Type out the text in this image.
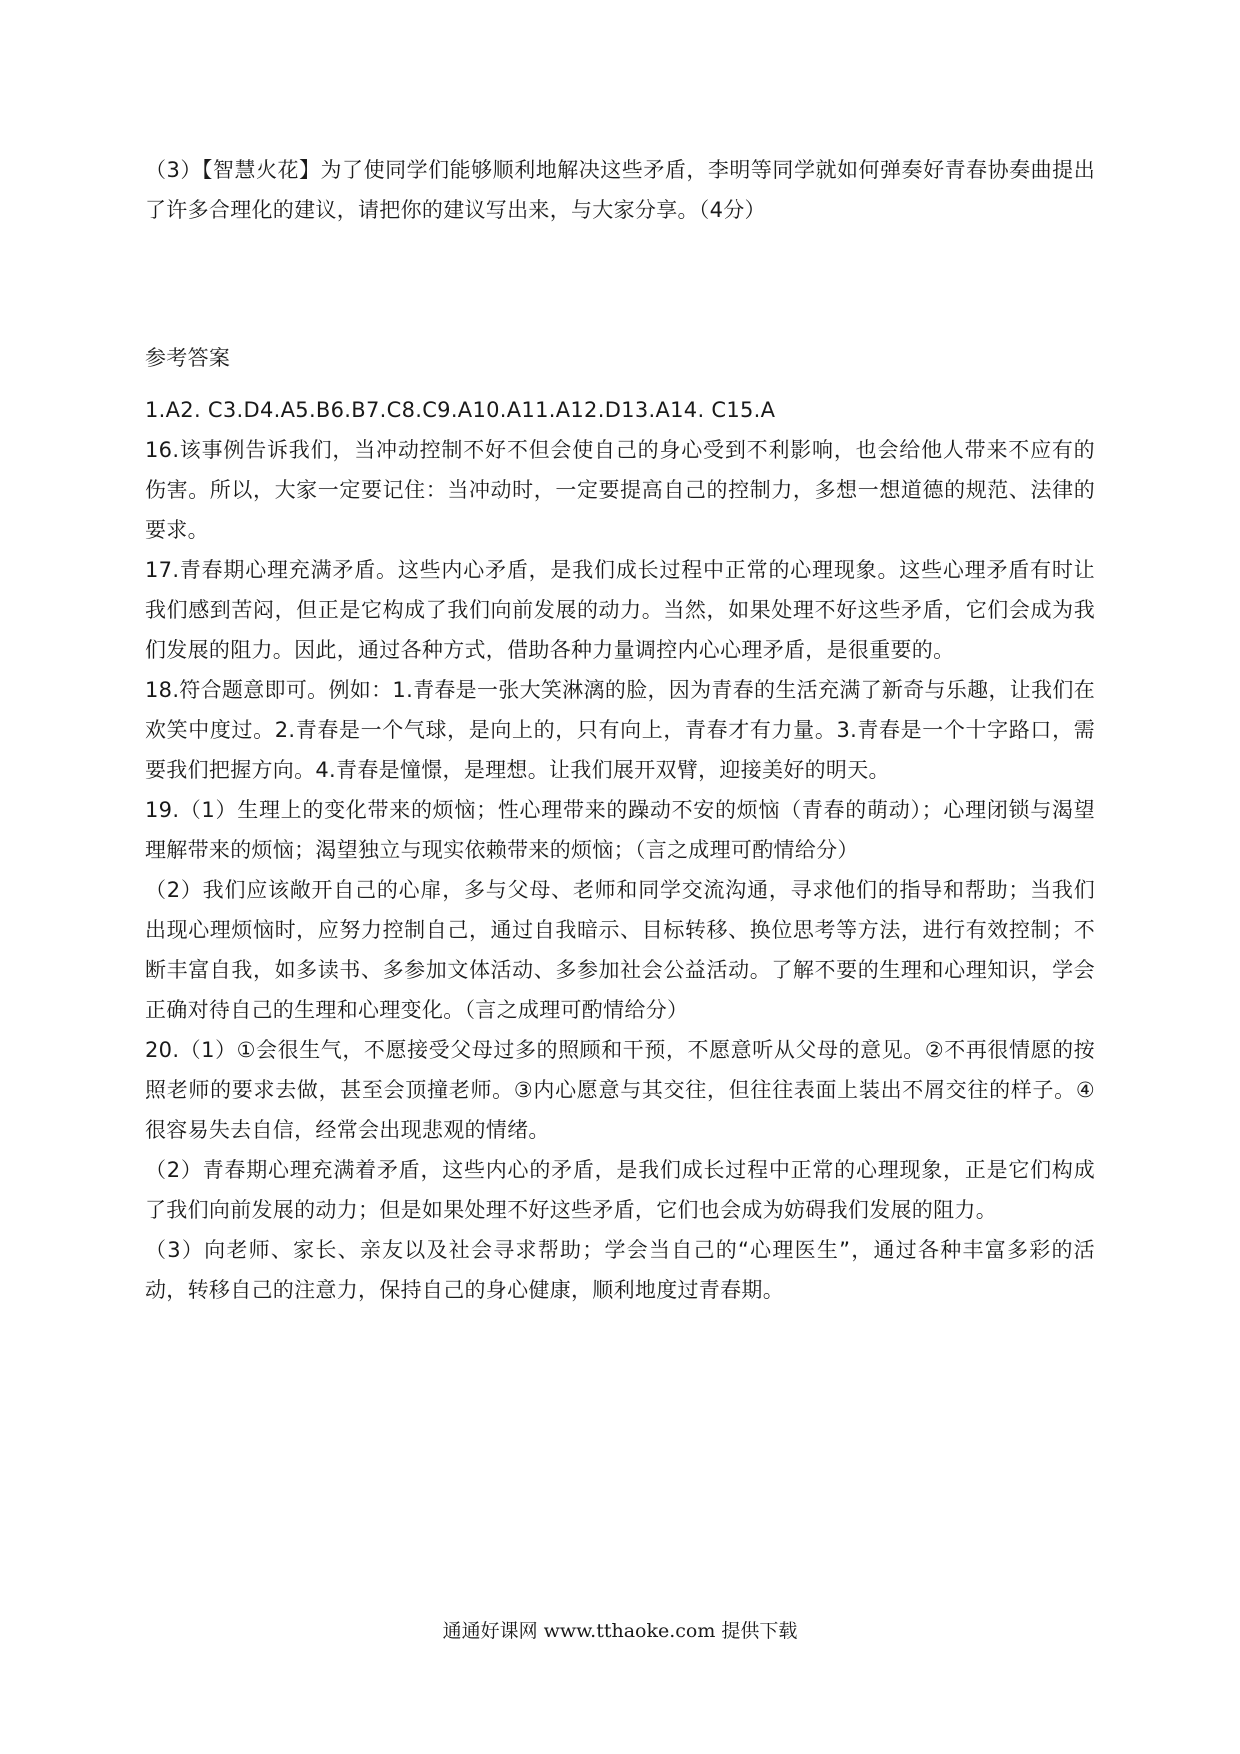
（3）【智慧火花】为了使同学们能够顺利地解决这些矛盾，李明等同学就如何弹奏好青春协奏曲提出了许多合理化的建议，请把你的建议写出来，与大家分享。（4分）

参考答案

1.A2. C3.D4.A5.B6.B7.C8.C9.A10.A11.A12.D13.A14. C15.A

16.该事例告诉我们，当冲动控制不好不但会使自己的身心受到不利影响，也会给他人带来不应有的伤害。所以，大家一定要记住：当冲动时，一定要提高自己的控制力，多想一想道德的规范、法律的要求。

17.青春期心理充满矛盾。这些内心矛盾，是我们成长过程中正常的心理现象。这些心理矛盾有时让我们感到苦闷，但正是它构成了我们向前发展的动力。当然，如果处理不好这些矛盾，它们会成为我们发展的阻力。因此，通过各种方式，借助各种力量调控内心心理矛盾，是很重要的。

18.符合题意即可。例如：1.青春是一张大笑淋漓的脸，因为青春的生活充满了新奇与乐趣，让我们在欢笑中度过。2.青春是一个气球，是向上的，只有向上，青春才有力量。3.青春是一个十字路口，需要我们把握方向。4.青春是憧憬，是理想。让我们展开双臂，迎接美好的明天。

19.（1）生理上的变化带来的烦恼；性心理带来的躁动不安的烦恼（青春的萌动）；心理闭锁与渴望理解带来的烦恼；渴望独立与现实依赖带来的烦恼；（言之成理可酌情给分）

（2）我们应该敞开自己的心扉，多与父母、老师和同学交流沟通，寻求他们的指导和帮助；当我们出现心理烦恼时，应努力控制自己，通过自我暗示、目标转移、换位思考等方法，进行有效控制；不断丰富自我，如多读书、多参加文体活动、多参加社会公益活动。了解不要的生理和心理知识，学会正确对待自己的生理和心理变化。（言之成理可酌情给分）

20.（1）①会很生气，不愿接受父母过多的照顾和干预，不愿意听从父母的意见。②不再很情愿的按照老师的要求去做，甚至会顶撞老师。③内心愿意与其交往，但往往表面上装出不屑交往的样子。④很容易失去自信，经常会出现悲观的情绪。

（2）青春期心理充满着矛盾，这些内心的矛盾，是我们成长过程中正常的心理现象，正是它们构成了我们向前发展的动力；但是如果处理不好这些矛盾，它们也会成为妨碍我们发展的阻力。

（3）向老师、家长、亲友以及社会寻求帮助；学会当自己的“心理医生”，通过各种丰富多彩的活动，转移自己的注意力，保持自己的身心健康，顺利地度过青春期。

通通好课网 www.tthaoke.com 提供下载
